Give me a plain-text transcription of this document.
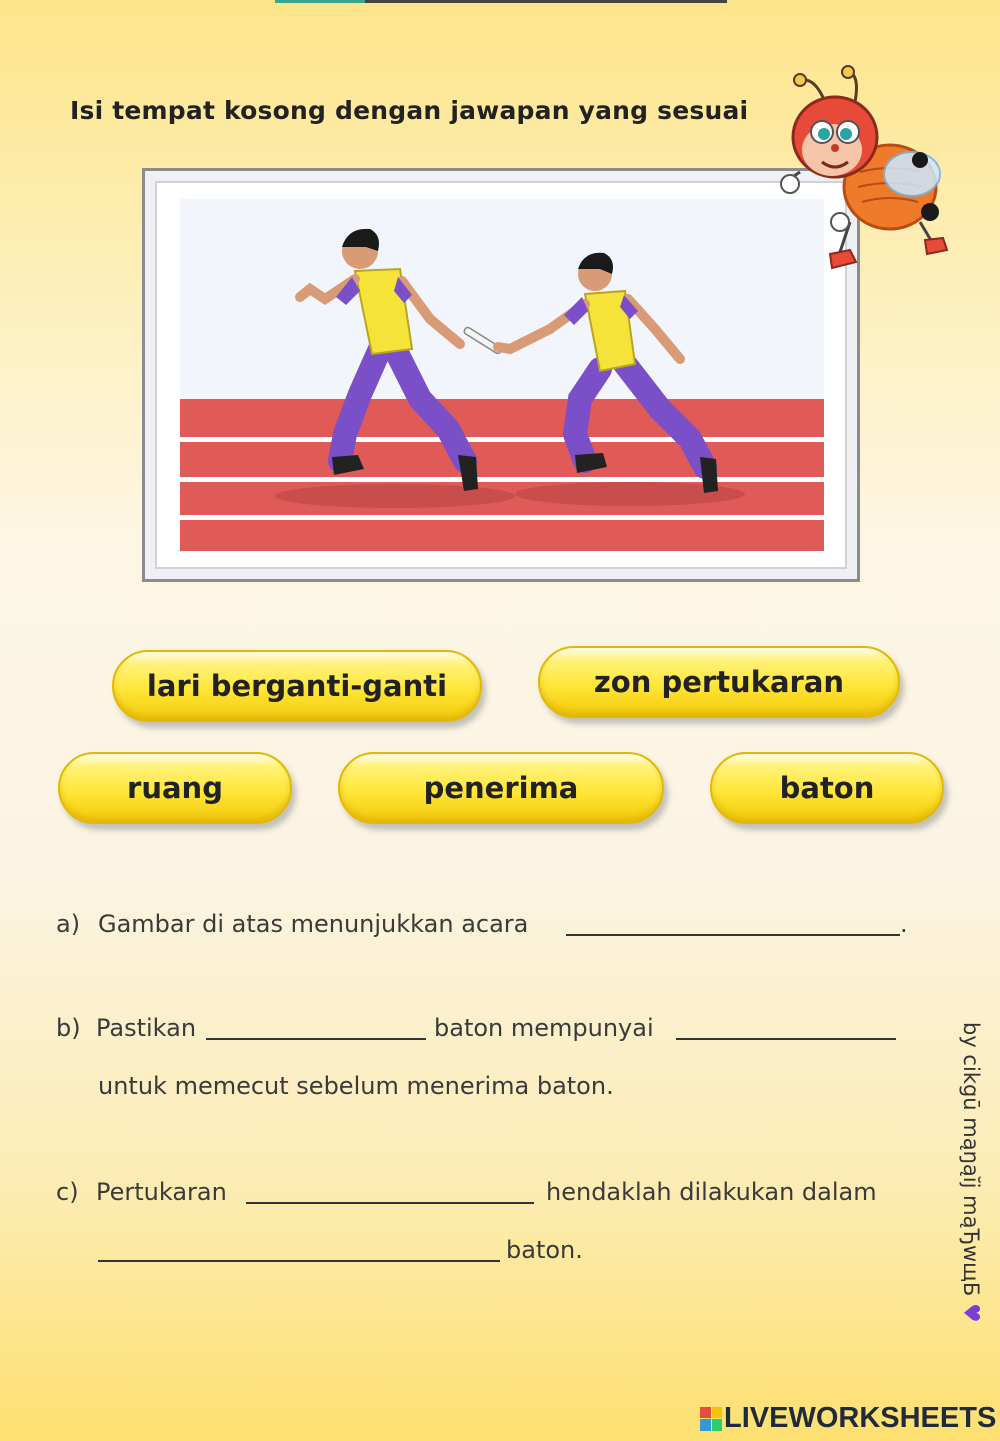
Isi tempat kosong dengan jawapan yang sesuai
lari berganti-ganti	zon pertukaran
ruang	penerima	baton
a) Gambar di atas menunjukkan acara	.
b) Pastikan	baton mempunyai
untuk memecut sebelum menerima baton.
c) Pertukaran	hendaklah dilakukan dalam
baton.	by cikgū mąŋąĭj mąЂwщБ ♥
LIVEWORKSHEETS
